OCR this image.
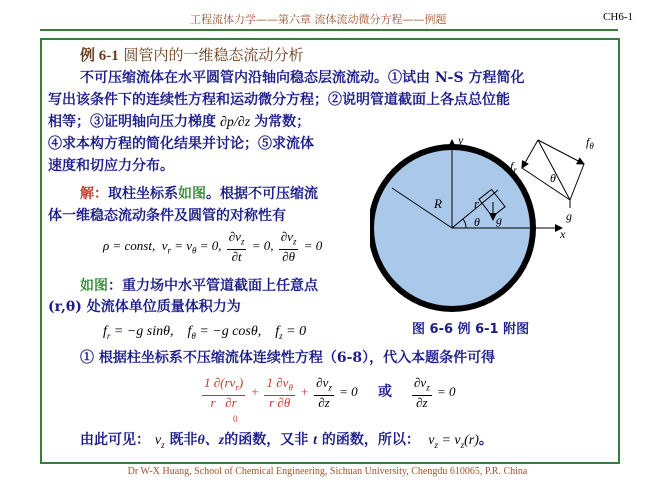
工程流体力学——第六章 流体流动微分方程——例题	CH6-1
例 6-1 圆管内的一维稳态流动分析
不可压缩流体在水平圆管内沿轴向稳态层流流动。①试由 N-S 方程简化
写出该条件下的连续性方程和运动微分方程；②说明管道截面上各点总位能
相等；③证明轴向压力梯度 ∂p/∂z 为常数；
④求本构方程的简化结果并讨论；⑤求流体
速度和切应力分布。
解：取柱坐标系如图。根据不可压缩流
体一维稳态流动条件及圆管的对称性有
ρ = const,  $v_r = v_\theta = 0$, $\frac{\partial v_z}{\partial t} = 0$, $\frac{\partial v_z}{\partial\theta} = 0$
如图：重力场中水平管道截面上任意点
(r,θ) 处流体单位质量体积力为
$f_r = -g$ sinθ,    $f_\theta = -g$ cosθ,    $f_z = 0$
① 根据柱坐标系不压缩流体连续性方程（6-8），代入本题条件可得
$\frac{1 \partial(rv_r)}{r \partial r} + \frac{1 \partial v_\theta}{r \partial\theta} + \frac{\partial v_z}{\partial z} = 0$
0
或 $\frac{\partial v_z}{\partial z} = 0$
由此可见： $v_z$ 既非θ、z的函数，又非 t 的函数，所以：  $v_z = v_z(r)$。
R r
g
θ
y
x
$f_r$
$f_\theta$
θ
g
图 6-6 例 6-1 附图
Dr W-X Huang, School of Chemical Engineering, Sichuan University, Chengdu 610065, P.R. China
